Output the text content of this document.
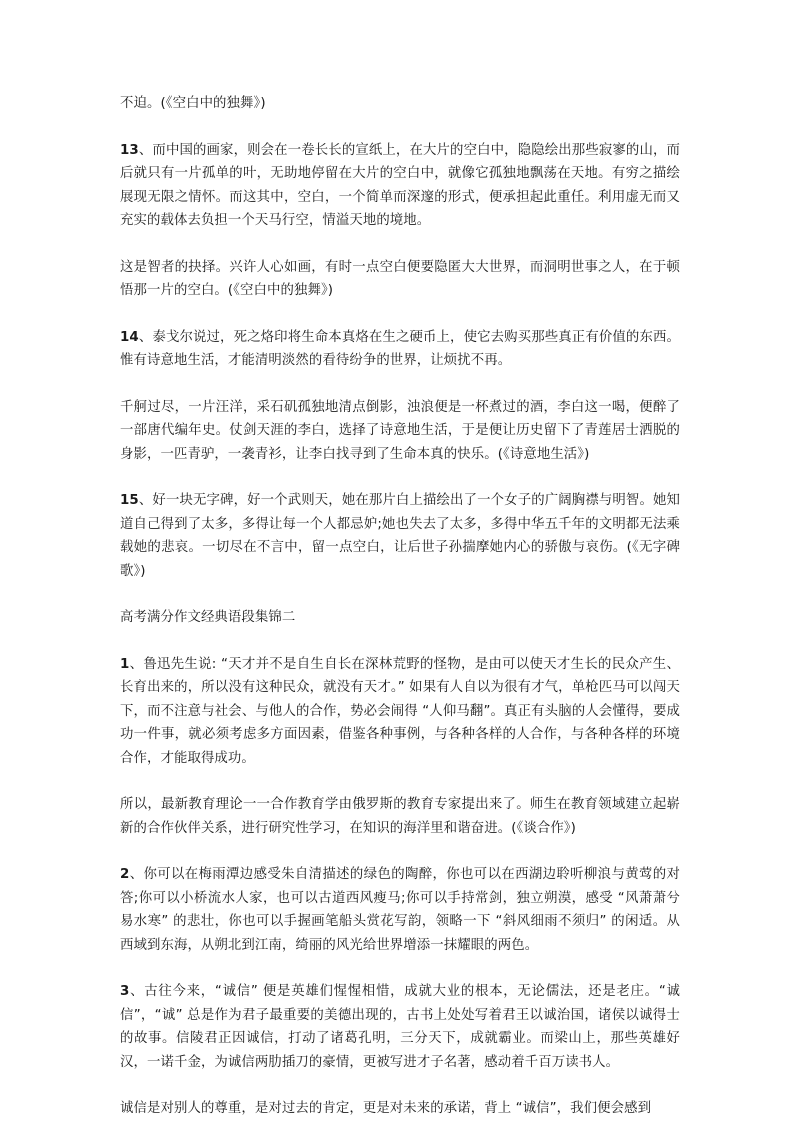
不迫。(《空白中的独舞》)

13、而中国的画家，则会在一卷长长的宣纸上，在大片的空白中，隐隐绘出那些寂寥的山，而后就只有一片孤单的叶，无助地停留在大片的空白中，就像它孤独地飘荡在天地。有穷之描绘展现无限之情怀。而这其中，空白，一个简单而深邃的形式，便承担起此重任。利用虚无而又充实的载体去负担一个天马行空，情溢天地的境地。

这是智者的抉择。兴许人心如画，有时一点空白便要隐匿大大世界，而洞明世事之人，在于顿悟那一片的空白。(《空白中的独舞》)

14、泰戈尔说过，死之烙印将生命本真烙在生之硬币上，使它去购买那些真正有价值的东西。惟有诗意地生活，才能清明淡然的看待纷争的世界，让烦扰不再。

千舸过尽，一片汪洋，采石矶孤独地清点倒影，浊浪便是一杯煮过的酒，李白这一喝，便醉了一部唐代编年史。仗剑天涯的李白，选择了诗意地生活，于是便让历史留下了青莲居士洒脱的身影，一匹青驴，一袭青衫，让李白找寻到了生命本真的快乐。(《诗意地生活》)

15、好一块无字碑，好一个武则天，她在那片白上描绘出了一个女子的广阔胸襟与明智。她知道自己得到了太多，多得让每一个人都忌妒;她也失去了太多，多得中华五千年的文明都无法乘载她的悲哀。一切尽在不言中，留一点空白，让后世子孙揣摩她内心的骄傲与哀伤。(《无字碑歌》)

高考满分作文经典语段集锦二

1、鲁迅先生说: “天才并不是自生自长在深林荒野的怪物，是由可以使天才生长的民众产生、长育出来的，所以没有这种民众，就没有天才。” 如果有人自以为很有才气，单枪匹马可以闯天下，而不注意与社会、与他人的合作，势必会闹得 “人仰马翻”。真正有头脑的人会懂得，要成功一件事，就必须考虑多方面因素，借鉴各种事例，与各种各样的人合作，与各种各样的环境合作，才能取得成功。

所以，最新教育理论一一合作教育学由俄罗斯的教育专家提出来了。师生在教育领域建立起崭新的合作伙伴关系，进行研究性学习，在知识的海洋里和谐奋进。(《谈合作》)

2、你可以在梅雨潭边感受朱自清描述的绿色的陶醉，你也可以在西湖边聆听柳浪与黄莺的对答;你可以小桥流水人家，也可以古道西风瘦马;你可以手持常剑，独立朔漠，感受 “风萧萧兮易水寒” 的悲壮，你也可以手握画笔船头赏花写韵，领略一下 “斜风细雨不须归” 的闲适。从西域到东海，从朔北到江南，绮丽的风光给世界增添一抹耀眼的两色。

3、古往今来，“诚信” 便是英雄们惺惺相惜，成就大业的根本，无论儒法，还是老庄。“诚信”，“诚” 总是作为君子最重要的美德出现的，古书上处处写着君王以诚治国，诸侯以诚得士的故事。信陵君正因诚信，打动了诸葛孔明，三分天下，成就霸业。而梁山上，那些英雄好汉，一诺千金，为诚信两肋插刀的豪情，更被写进才子名著，感动着千百万读书人。

诚信是对别人的尊重，是对过去的肯定，更是对未来的承诺，背上 “诚信”，我们便会感到
